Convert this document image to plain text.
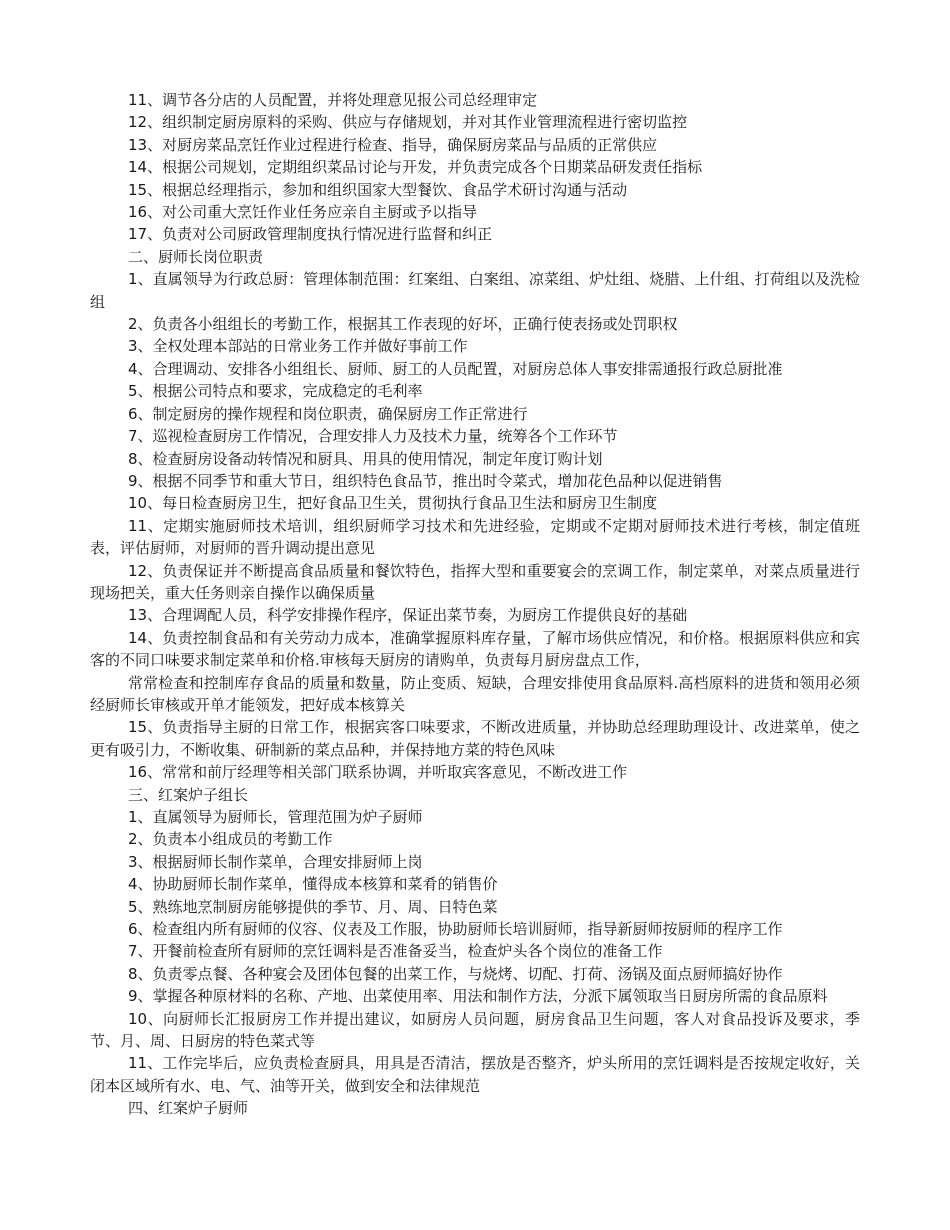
11、调节各分店的人员配置，并将处理意见报公司总经理审定

12、组织制定厨房原料的采购、供应与存储规划，并对其作业管理流程进行密切监控

13、对厨房菜品烹饪作业过程进行检查、指导，确保厨房菜品与品质的正常供应

14、根据公司规划，定期组织菜品讨论与开发，并负责完成各个日期菜品研发责任指标

15、根据总经理指示，参加和组织国家大型餐饮、食品学术研讨沟通与活动

16、对公司重大烹饪作业任务应亲自主厨或予以指导

17、负责对公司厨政管理制度执行情况进行监督和纠正

二、厨师长岗位职责

1、直属领导为行政总厨：管理体制范围：红案组、白案组、凉菜组、炉灶组、烧腊、上什组、打荷组以及洗检组

2、负责各小组组长的考勤工作，根据其工作表现的好坏，正确行使表扬或处罚职权

3、全权处理本部站的日常业务工作并做好事前工作

4、合理调动、安排各小组组长、厨师、厨工的人员配置，对厨房总体人事安排需通报行政总厨批准

5、根据公司特点和要求，完成稳定的毛利率

6、制定厨房的操作规程和岗位职责，确保厨房工作正常进行

7、巡视检查厨房工作情况，合理安排人力及技术力量，统筹各个工作环节

8、检查厨房设备动转情况和厨具、用具的使用情况，制定年度订购计划

9、根据不同季节和重大节日，组织特色食品节，推出时令菜式，增加花色品种以促进销售

10、每日检查厨房卫生，把好食品卫生关，贯彻执行食品卫生法和厨房卫生制度

11、定期实施厨师技术培训，组织厨师学习技术和先进经验，定期或不定期对厨师技术进行考核，制定值班表，评估厨师，对厨师的晋升调动提出意见

12、负责保证并不断提高食品质量和餐饮特色，指挥大型和重要宴会的烹调工作，制定菜单，对菜点质量进行现场把关，重大任务则亲自操作以确保质量

13、合理调配人员，科学安排操作程序，保证出菜节奏，为厨房工作提供良好的基础

14、负责控制食品和有关劳动力成本，准确掌握原料库存量，了解市场供应情况，和价格。根据原料供应和宾客的不同口味要求制定菜单和价格.审核每天厨房的请购单，负责每月厨房盘点工作，

常常检查和控制库存食品的质量和数量，防止变质、短缺，合理安排使用食品原料.高档原料的进货和领用必须经厨师长审核或开单才能领发，把好成本核算关

15、负责指导主厨的日常工作，根据宾客口味要求，不断改进质量，并协助总经理助理设计、改进菜单，使之更有吸引力，不断收集、研制新的菜点品种，并保持地方菜的特色风味

16、常常和前厅经理等相关部门联系协调，并听取宾客意见，不断改进工作

三、红案炉子组长

1、直属领导为厨师长，管理范围为炉子厨师

2、负责本小组成员的考勤工作

3、根据厨师长制作菜单，合理安排厨师上岗

4、协助厨师长制作菜单，懂得成本核算和菜肴的销售价

5、熟练地烹制厨房能够提供的季节、月、周、日特色菜

6、检查组内所有厨师的仪容、仪表及工作服，协助厨师长培训厨师，指导新厨师按厨师的程序工作

7、开餐前检查所有厨师的烹饪调料是否准备妥当，检查炉头各个岗位的准备工作

8、负责零点餐、各种宴会及团体包餐的出菜工作，与烧烤、切配、打荷、汤锅及面点厨师搞好协作

9、掌握各种原材料的名称、产地、出菜使用率、用法和制作方法，分派下属领取当日厨房所需的食品原料

10、向厨师长汇报厨房工作并提出建议，如厨房人员问题，厨房食品卫生问题，客人对食品投诉及要求，季节、月、周、日厨房的特色菜式等

11、工作完毕后，应负责检查厨具，用具是否清洁，摆放是否整齐，炉头所用的烹饪调料是否按规定收好，关闭本区域所有水、电、气、油等开关，做到安全和法律规范

四、红案炉子厨师
